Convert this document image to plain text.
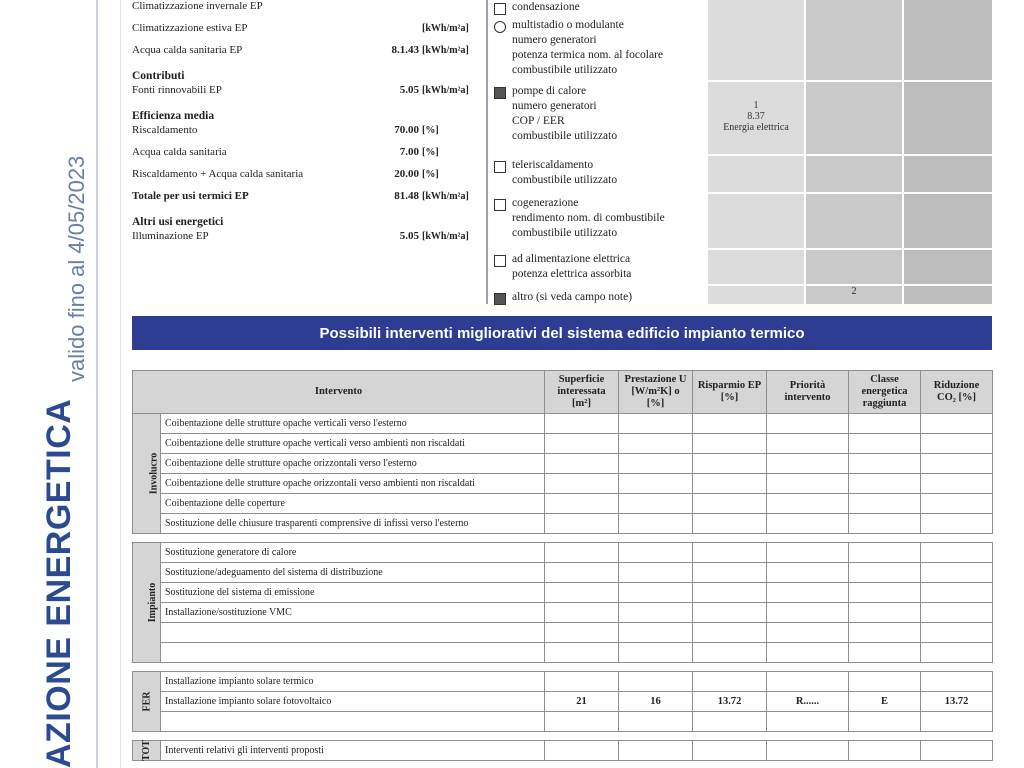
AZIONE ENERGETICA
valido fino al 4/05/2023
Climatizzazione invernale EP
Climatizzazione estiva EP	[kWh/m²a]
Acqua calda sanitaria EP	8.1.43 [kWh/m²a]
Contributi
Fonti rinnovabili EP	5.05 [kWh/m²a]
Efficienza media
Riscaldamento	70.00 [%]
Acqua calda sanitaria	7.00 [%]
Riscaldamento + Acqua calda sanitaria	20.00 [%]
Totale per usi termici EP	81.48 [kWh/m²a]
Altri usi energetici
Illuminazione EP	5.05 [kWh/m²a]
condensazione
multistadio o modulante
numero generatori
potenza termica nom. al focolare
combustibile utilizzato
pompe di calore
numero generatori
COP / EER
combustibile utilizzato
teleriscaldamento
combustibile utilizzato
cogenerazione
rendimento nom. di combustibile
combustibile utilizzato
ad alimentazione elettrica
potenza elettrica assorbita
altro (si veda campo note)
1
8.37
Energia elettrica
2
Possibili interventi migliorativi del sistema edificio impianto termico
Intervento		Superficie interessata [m²]	Prestazione U [W/m²K] o [%]	Risparmio EP [%]	Priorità intervento	Classe energetica raggiunta	Riduzione CO₂ [%]
Involucro	Coibentazione delle strutture opache verticali verso l'esterno						
	Coibentazione delle strutture opache verticali verso ambienti non riscaldati						
	Coibentazione delle strutture opache orizzontali verso l'esterno						
	Coibentazione delle strutture opache orizzontali verso ambienti non riscaldati						
	Coibentazione delle coperture						
	Sostituzione delle chiusure trasparenti comprensive di infissi verso l'esterno						

Impianto	Sostituzione generatore di calore						
	Sostituzione/adeguamento del sistema di distribuzione						
	Sostituzione del sistema di emissione						
	Installazione/sostituzione VMC						

FER	Installazione impianto solare termico						
	Installazione impianto solare fotovoltaico	21	16	13.72	R......	E	13.72

TOT	Interventi relativi gli interventi proposti						
